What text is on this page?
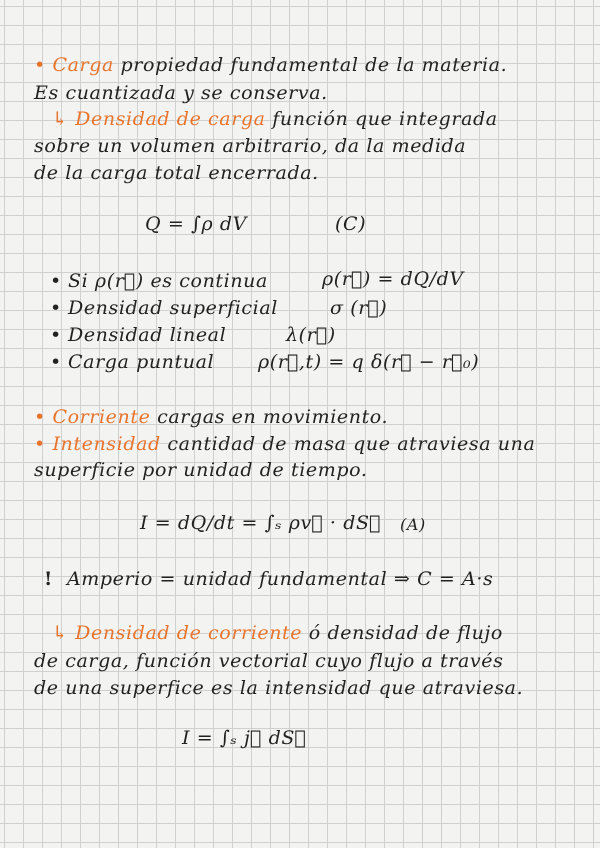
• Carga propiedad fundamental de la materia.
Es cuantizada y se conserva.
↳ Densidad de carga función que integrada
sobre un volumen arbitrario, da la medida
de la carga total encerrada.
Q = ∫ρ dV	(C)
• Si ρ(r⃗) es continua	ρ(r⃗) = dQ/dV
• Densidad superficial	σ (r⃗)
• Densidad lineal	λ(r⃗)
• Carga puntual ρ(r⃗,t) = q δ(r⃗ − r⃗₀)
• Corriente cargas en movimiento.
• Intensidad cantidad de masa que atraviesa una
superficie por unidad de tiempo.
I = dQ/dt = ∫ₛ ρv⃗ · dS⃗ (A)
! Amperio = unidad fundamental ⇒ C = A·s
↳ Densidad de corriente ó densidad de flujo
de carga, función vectorial cuyo flujo a través
de una superfice es la intensidad que atraviesa.
I = ∫ₛ j⃗ dS⃗
